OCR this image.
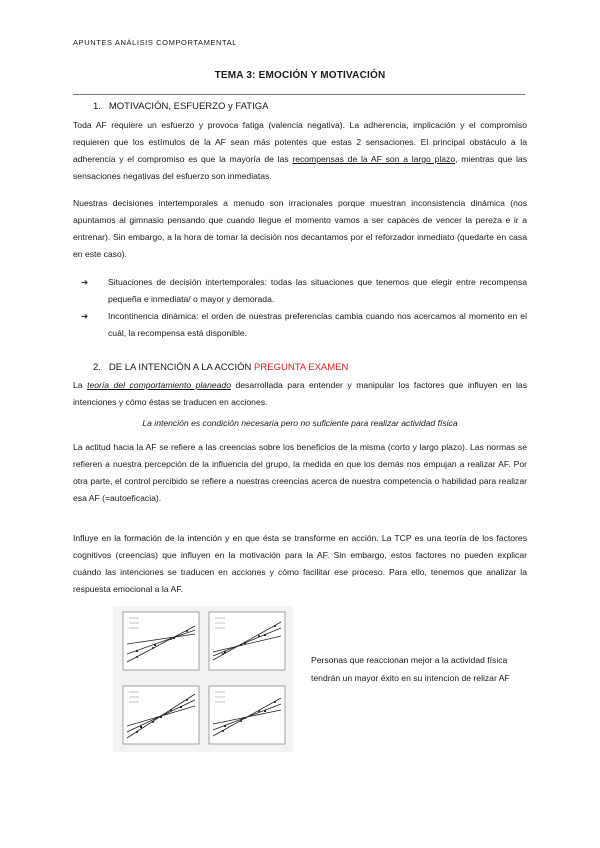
APUNTES ANÁLISIS COMPORTAMENTAL
TEMA 3: EMOCIÓN Y MOTIVACIÓN
1. MOTIVACIÓN, ESFUERZO y FATIGA
Toda AF requiere un esfuerzo y provoca fatiga (valencia negativa). La adherencia, implicación y el compromiso requieren que los estímulos de la AF sean más potentes que estas 2 sensaciones. El principal obstáculo a la adherencia y el compromiso es que la mayoría de las recompensas de la AF son a largo plazo, mientras que las sensaciones negativas del esfuerzo son inmediatas.
Nuestras decisiones intertemporales a menudo son irracionales porque muestran inconsistencia dinámica (nos apuntamos al gimnasio pensando que cuando llegue el momento vamos a ser capaces de vencer la pereza e ir a entrenar). Sin embargo, a la hora de tomar la decisión nos decantamos por el reforzador inmediato (quedarte en casa en este caso).
➔ Situaciones de decisión intertemporales: todas las situaciones que tenemos que elegir entre recompensa pequeña e inmediata/ o mayor y demorada.
➔ Incontinencia dinámica: el orden de nuestras preferencias cambia cuando nos acercamos al momento en el cuál, la recompensa está disponible.
2. DE LA INTENCIÓN A LA ACCIÓN PREGUNTA EXAMEN
La teoría del comportamiento planeado desarrollada para entender y manipular los factores que influyen en las intenciones y cómo éstas se traducen en acciones.
La intención es condición necesaria pero no suficiente para realizar actividad física
La actitud hacia la AF se refiere a las creencias sobre los beneficios de la misma (corto y largo plazo). Las normas se refieren a nuestra percepción de la influencia del grupo, la medida en que los demás nos empujan a realizar AF. Por otra parte, el control percibido se refiere a nuestras creencias acerca de nuestra competencia o habilidad para realizar esa AF (=autoeficacia).
Influye en la formación de la intención y en que ésta se transforme en acción. La TCP es una teoría de los factores cognitivos (creencias) que influyen en la motivación para la AF. Sin embargo, estos factores no pueden explicar cuándo las intenciones se traducen en acciones y cómo facilitar ese proceso. Para ello, tenemos que analizar la respuesta emocional a la AF.
Personas que reaccionan mejor a la actividad física tendrán un mayor éxito en su intencion de relizar AF
